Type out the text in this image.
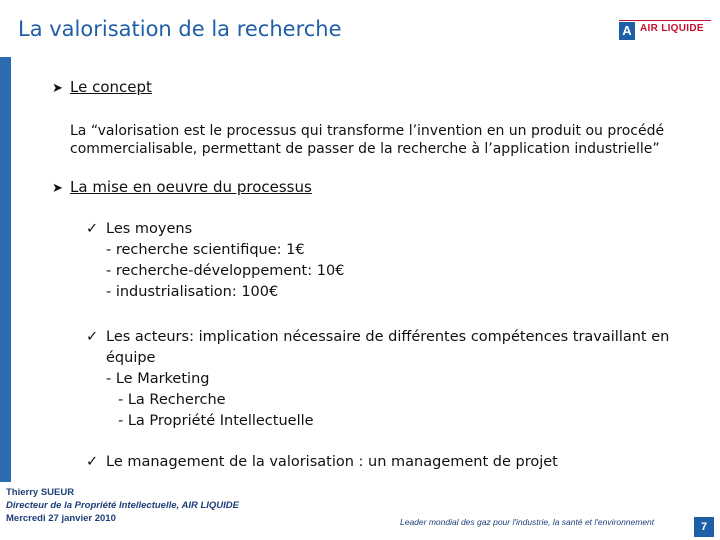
La valorisation de la recherche	A AIR LIQUIDE
➤ Le concept
La “valorisation est le processus qui transforme l’invention en un produit ou procédé
commercialisable, permettant de passer de la recherche à l’application industrielle”
➤ La mise en oeuvre du processus
✓ Les moyens
- recherche scientifique: 1€
- recherche-développement: 10€
- industrialisation: 100€
✓ Les acteurs: implication nécessaire de différentes compétences travaillant en
équipe
- Le Marketing
- La Recherche
- La Propriété Intellectuelle
✓ Le management de la valorisation : un management de projet
Thierry SUEUR
Directeur de la Propriété Intellectuelle, AIR LIQUIDE
Mercredi 27 janvier 2010	Leader mondial des gaz pour l'industrie, la santé et l'environnement	7
